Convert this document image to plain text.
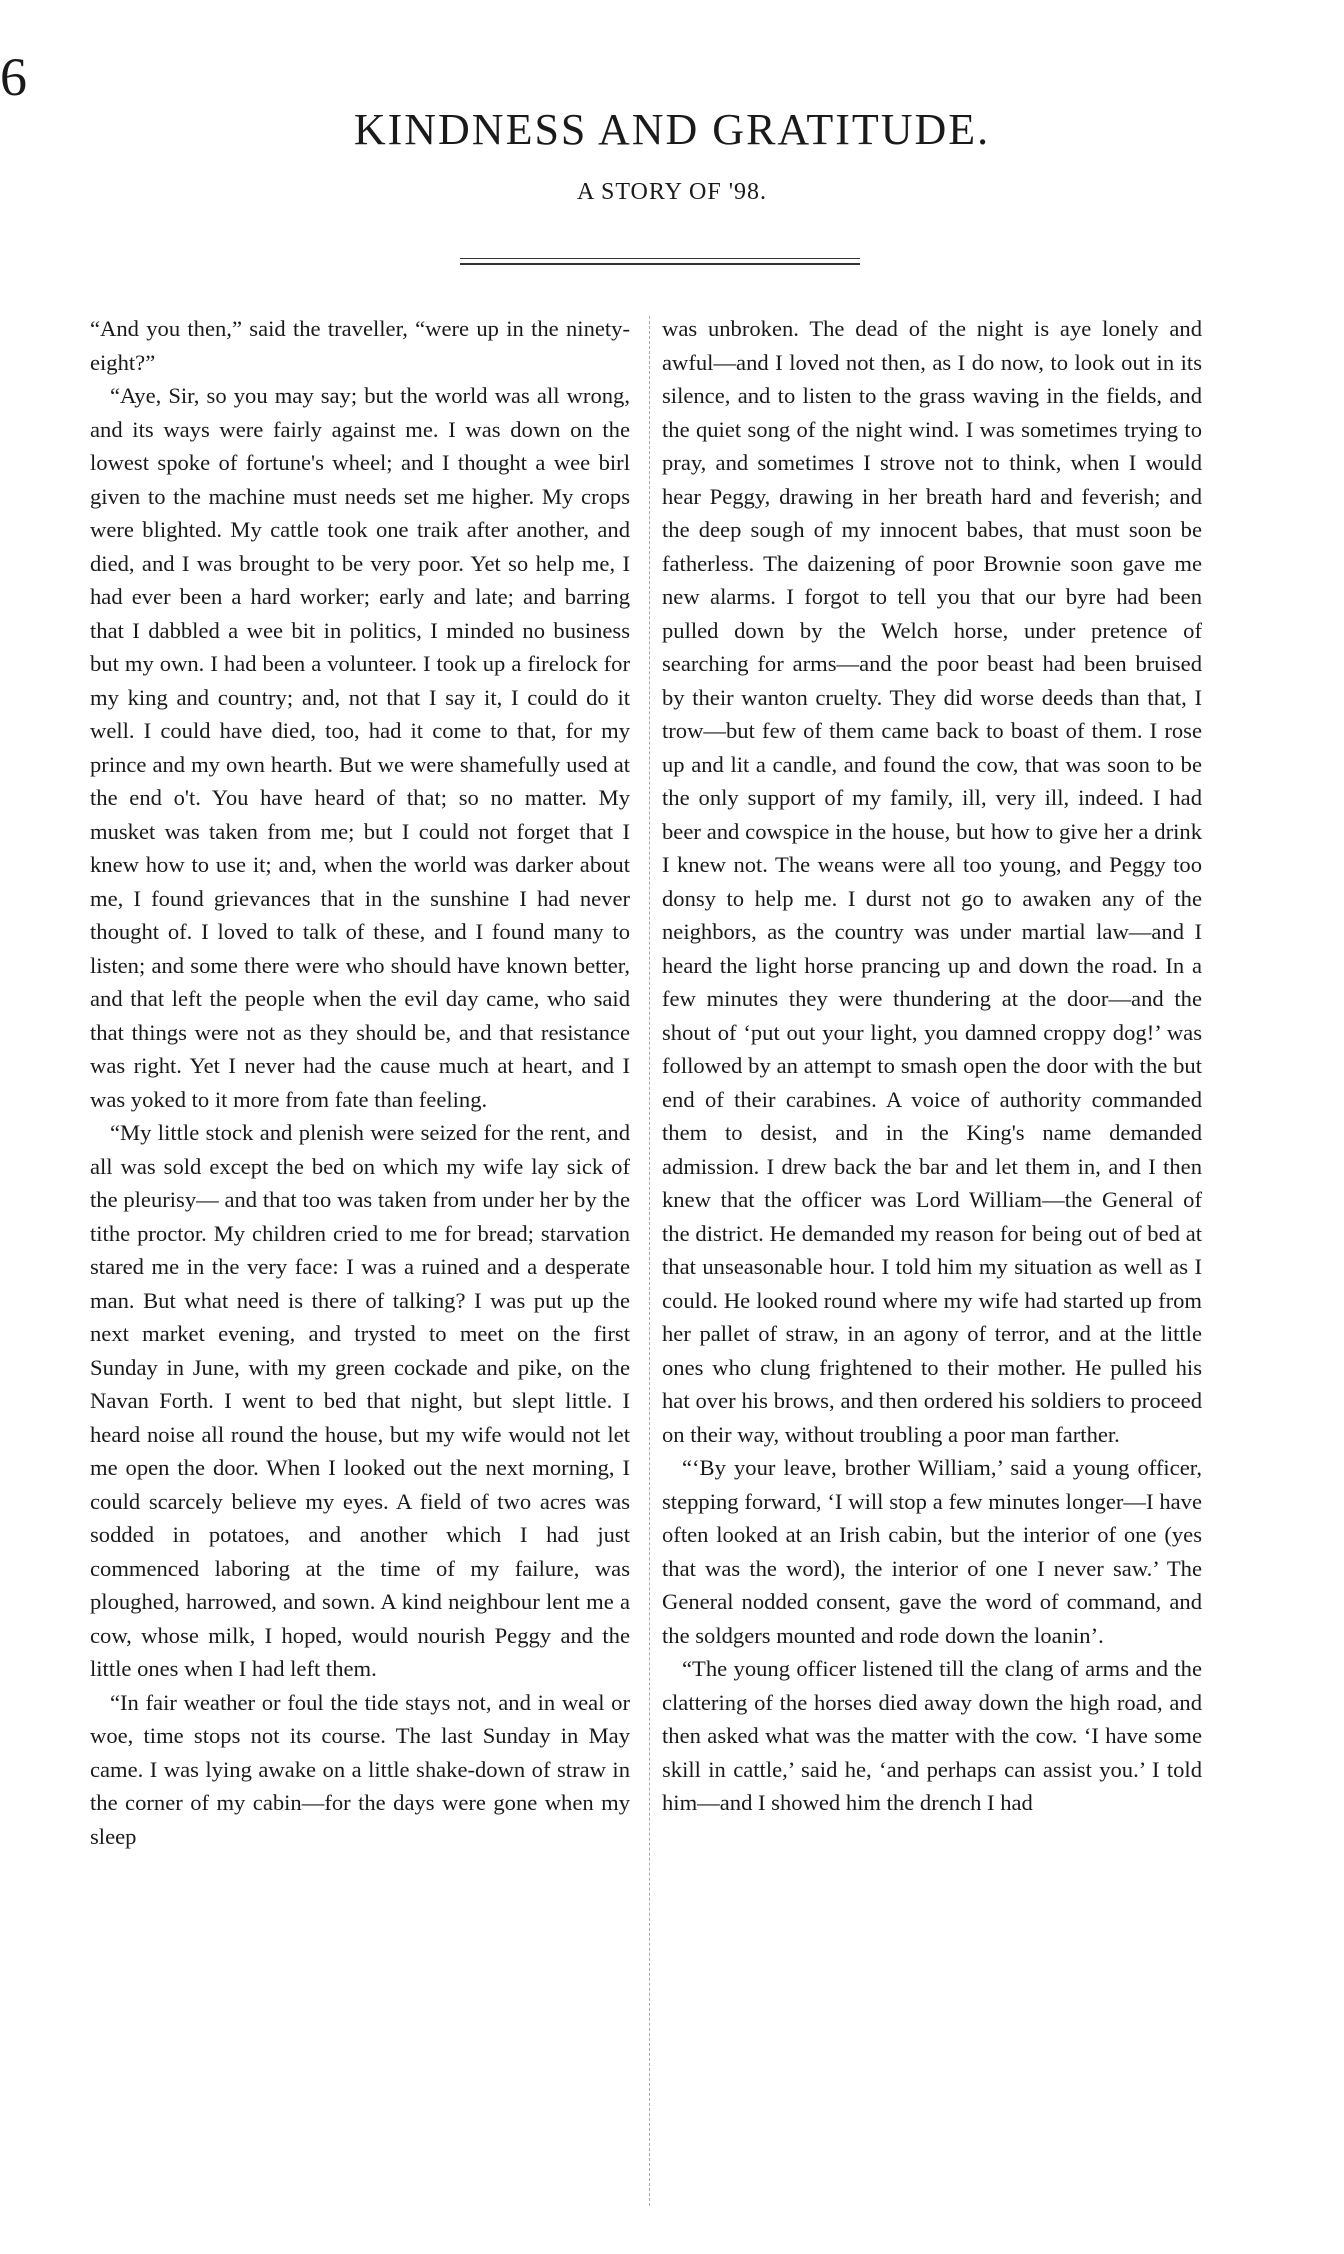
6
KINDNESS AND GRATITUDE.
A STORY OF '98.

“And you then,” said the traveller, “were up in the ninety-eight?”

“Aye, Sir, so you may say; but the world was all wrong, and its ways were fairly against me. I was down on the lowest spoke of fortune's wheel; and I thought a wee birl given to the machine must needs set me higher. My crops were blighted. My cattle took one traik after another, and died, and I was brought to be very poor. Yet so help me, I had ever been a hard worker; early and late; and barring that I dabbled a wee bit in politics, I minded no business but my own. I had been a volunteer. I took up a firelock for my king and country; and, not that I say it, I could do it well. I could have died, too, had it come to that, for my prince and my own hearth. But we were shamefully used at the end o't. You have heard of that; so no matter. My musket was taken from me; but I could not forget that I knew how to use it; and, when the world was darker about me, I found grievances that in the sunshine I had never thought of. I loved to talk of these, and I found many to listen; and some there were who should have known better, and that left the people when the evil day came, who said that things were not as they should be, and that resistance was right. Yet I never had the cause much at heart, and I was yoked to it more from fate than feeling.

“My little stock and plenish were seized for the rent, and all was sold except the bed on which my wife lay sick of the pleurisy— and that too was taken from under her by the tithe proctor. My children cried to me for bread; starvation stared me in the very face: I was a ruined and a desperate man. But what need is there of talking? I was put up the next market evening, and trysted to meet on the first Sunday in June, with my green cockade and pike, on the Navan Forth. I went to bed that night, but slept little. I heard noise all round the house, but my wife would not let me open the door. When I looked out the next morning, I could scarcely believe my eyes. A field of two acres was sodded in potatoes, and another which I had just commenced laboring at the time of my failure, was ploughed, harrowed, and sown. A kind neighbour lent me a cow, whose milk, I hoped, would nourish Peggy and the little ones when I had left them.

“In fair weather or foul the tide stays not, and in weal or woe, time stops not its course. The last Sunday in May came. I was lying awake on a little shake-down of straw in the corner of my cabin—for the days were gone when my sleep

was unbroken. The dead of the night is aye lonely and awful—and I loved not then, as I do now, to look out in its silence, and to listen to the grass waving in the fields, and the quiet song of the night wind. I was sometimes trying to pray, and sometimes I strove not to think, when I would hear Peggy, drawing in her breath hard and feverish; and the deep sough of my innocent babes, that must soon be fatherless. The daizening of poor Brownie soon gave me new alarms. I forgot to tell you that our byre had been pulled down by the Welch horse, under pretence of searching for arms—and the poor beast had been bruised by their wanton cruelty. They did worse deeds than that, I trow—but few of them came back to boast of them. I rose up and lit a candle, and found the cow, that was soon to be the only support of my family, ill, very ill, indeed. I had beer and cowspice in the house, but how to give her a drink I knew not. The weans were all too young, and Peggy too donsy to help me. I durst not go to awaken any of the neighbors, as the country was under martial law—and I heard the light horse prancing up and down the road. In a few minutes they were thundering at the door—and the shout of ‘put out your light, you damned croppy dog!’ was followed by an attempt to smash open the door with the but end of their carabines. A voice of authority commanded them to desist, and in the King's name demanded admission. I drew back the bar and let them in, and I then knew that the officer was Lord William—the General of the district. He demanded my reason for being out of bed at that unseasonable hour. I told him my situation as well as I could. He looked round where my wife had started up from her pallet of straw, in an agony of terror, and at the little ones who clung frightened to their mother. He pulled his hat over his brows, and then ordered his soldiers to proceed on their way, without troubling a poor man farther.

“‘By your leave, brother William,’ said a young officer, stepping forward, ‘I will stop a few minutes longer—I have often looked at an Irish cabin, but the interior of one (yes that was the word), the interior of one I never saw.’ The General nodded consent, gave the word of command, and the soldgers mounted and rode down the loanin’.

“The young officer listened till the clang of arms and the clattering of the horses died away down the high road, and then asked what was the matter with the cow. ‘I have some skill in cattle,’ said he, ‘and perhaps can assist you.’ I told him—and I showed him the drench I had
